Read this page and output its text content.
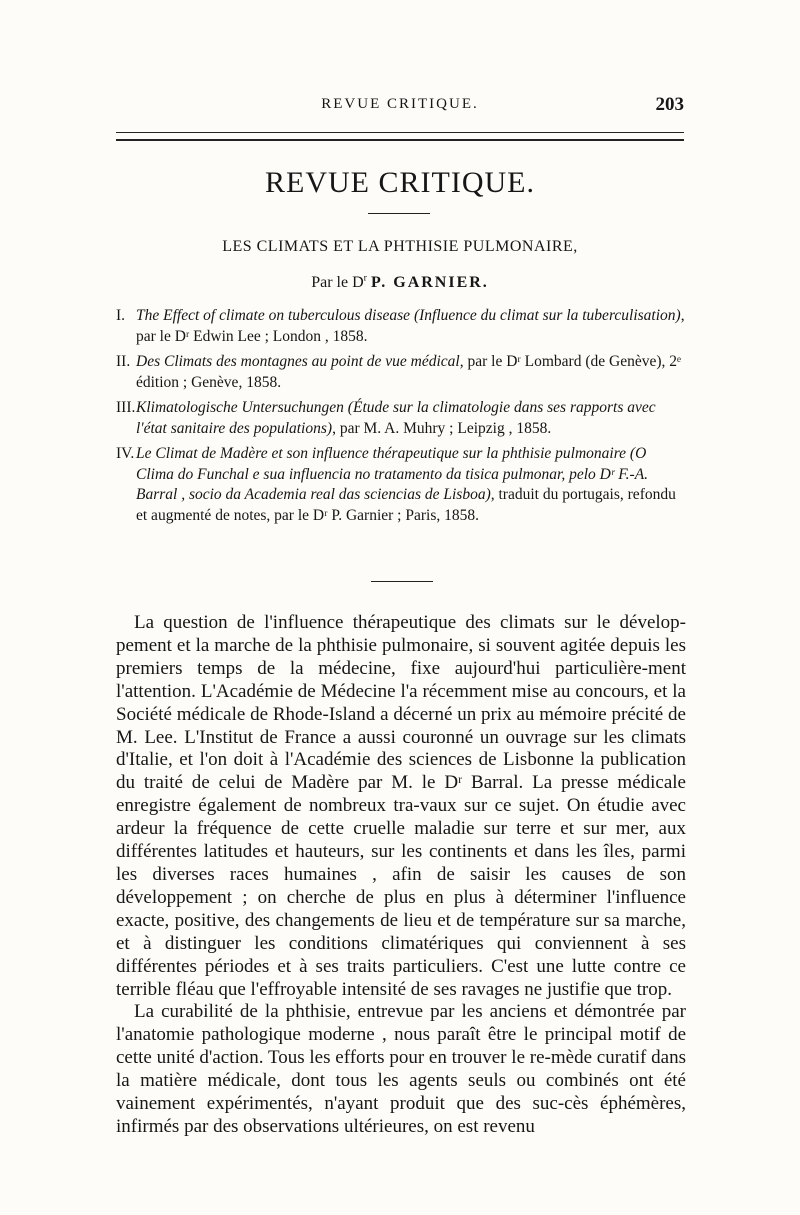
REVUE CRITIQUE.	203
REVUE CRITIQUE.
LES CLIMATS ET LA PHTHISIE PULMONAIRE,
Par le $D^r$ P. GARNIER.
I. The Effect of climate on tuberculous disease (Influence du climat sur la tuberculisation), par le Dʳ Edwin Lee ; London , 1858.
II. Des Climats des montagnes au point de vue médical, par le Dʳ Lombard (de Genève), 2ᵉ édition ; Genève, 1858.
III. Klimatologische Untersuchungen (Étude sur la climatologie dans ses rapports avec l'état sanitaire des populations), par M. A. Muhry ; Leipzig , 1858.
IV. Le Climat de Madère et son influence thérapeutique sur la phthisie pulmonaire (O Clima do Funchal e sua influencia no tratamento da tisica pulmonar, pelo Dʳ F.-A. Barral , socio da Academia real das sciencias de Lisboa), traduit du portugais, refondu et augmenté de notes, par le Dʳ P. Garnier ; Paris, 1858.

La question de l'influence thérapeutique des climats sur le dévelop-pement et la marche de la phthisie pulmonaire, si souvent agitée depuis les premiers temps de la médecine, fixe aujourd'hui particulière-ment l'attention. L'Académie de Médecine l'a récemment mise au concours, et la Société médicale de Rhode-Island a décerné un prix au mémoire précité de M. Lee. L'Institut de France a aussi couronné un ouvrage sur les climats d'Italie, et l'on doit à l'Académie des sciences de Lisbonne la publication du traité de celui de Madère par M. le Dʳ Barral. La presse médicale enregistre également de nombreux tra-vaux sur ce sujet. On étudie avec ardeur la fréquence de cette cruelle maladie sur terre et sur mer, aux différentes latitudes et hauteurs, sur les continents et dans les îles, parmi les diverses races humaines , afin de saisir les causes de son développement ; on cherche de plus en plus à déterminer l'influence exacte, positive, des changements de lieu et de température sur sa marche, et à distinguer les conditions climatériques qui conviennent à ses différentes périodes et à ses traits particuliers. C'est une lutte contre ce terrible fléau que l'effroyable intensité de ses ravages ne justifie que trop.

La curabilité de la phthisie, entrevue par les anciens et démontrée par l'anatomie pathologique moderne , nous paraît être le principal motif de cette unité d'action. Tous les efforts pour en trouver le re-mède curatif dans la matière médicale, dont tous les agents seuls ou combinés ont été vainement expérimentés, n'ayant produit que des suc-cès éphémères, infirmés par des observations ultérieures, on est revenu
